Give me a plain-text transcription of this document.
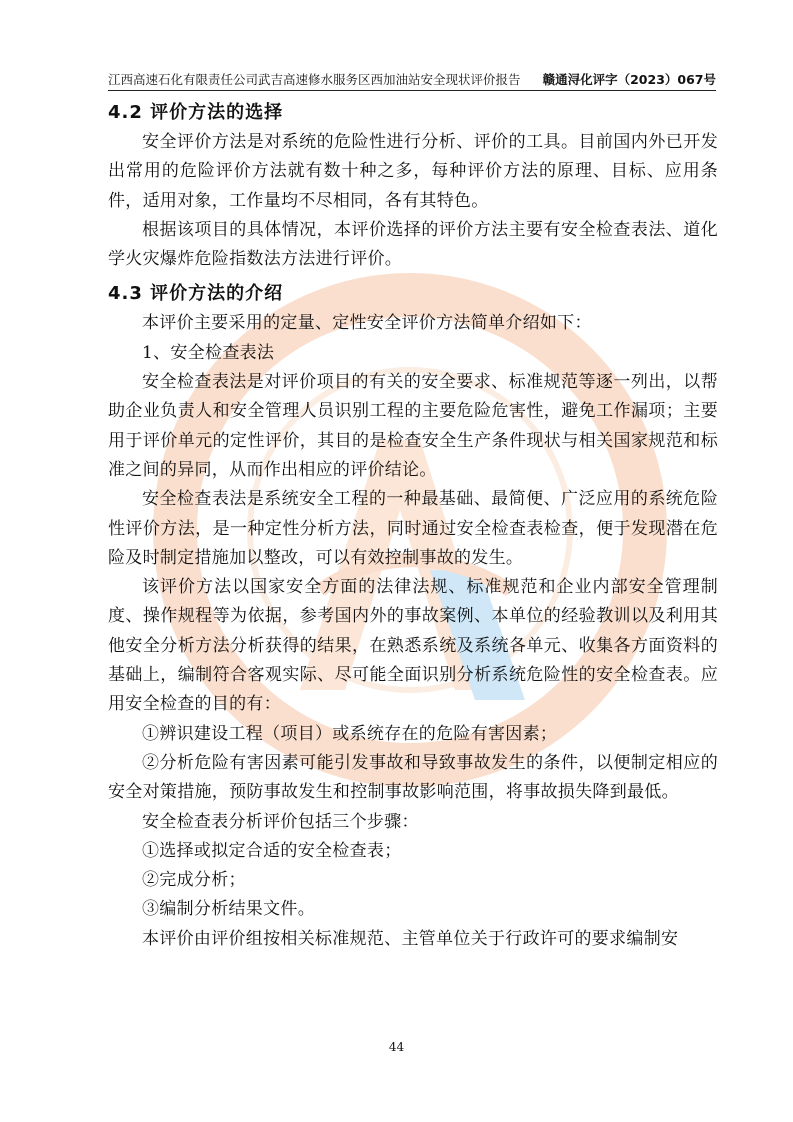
江西高速石化有限责任公司武吉高速修水服务区西加油站安全现状评价报告 赣通浔化评字（2023）067号
4.2 评价方法的选择

安全评价方法是对系统的危险性进行分析、评价的工具。目前国内外已开发出常用的危险评价方法就有数十种之多，每种评价方法的原理、目标、应用条件，适用对象，工作量均不尽相同，各有其特色。

根据该项目的具体情况，本评价选择的评价方法主要有安全检查表法、道化学火灾爆炸危险指数法方法进行评价。

4.3 评价方法的介绍

本评价主要采用的定量、定性安全评价方法简单介绍如下：

1、安全检查表法

安全检查表法是对评价项目的有关的安全要求、标准规范等逐一列出，以帮助企业负责人和安全管理人员识别工程的主要危险危害性，避免工作漏项；主要用于评价单元的定性评价，其目的是检查安全生产条件现状与相关国家规范和标准之间的异同，从而作出相应的评价结论。

安全检查表法是系统安全工程的一种最基础、最简便、广泛应用的系统危险性评价方法，是一种定性分析方法，同时通过安全检查表检查，便于发现潜在危险及时制定措施加以整改，可以有效控制事故的发生。

该评价方法以国家安全方面的法律法规、标准规范和企业内部安全管理制度、操作规程等为依据，参考国内外的事故案例、本单位的经验教训以及利用其他安全分析方法分析获得的结果，在熟悉系统及系统各单元、收集各方面资料的基础上，编制符合客观实际、尽可能全面识别分析系统危险性的安全检查表。应用安全检查的目的有：

①辨识建设工程（项目）或系统存在的危险有害因素；

②分析危险有害因素可能引发事故和导致事故发生的条件，以便制定相应的安全对策措施，预防事故发生和控制事故影响范围，将事故损失降到最低。

安全检查表分析评价包括三个步骤：

①选择或拟定合适的安全检查表；

②完成分析；

③编制分析结果文件。

本评价由评价组按相关标准规范、主管单位关于行政许可的要求编制安

44
